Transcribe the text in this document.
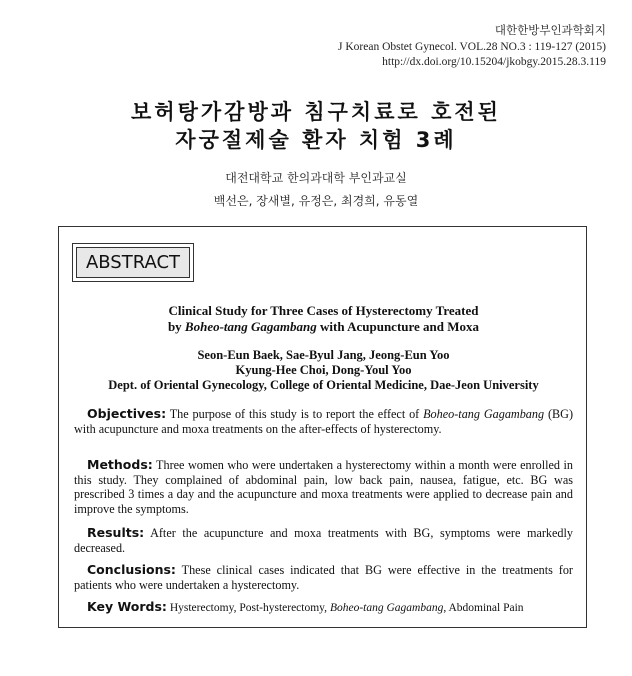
대한한방부인과학회지
J Korean Obstet Gynecol. VOL.28 NO.3 : 119-127 (2015)
http://dx.doi.org/10.15204/jkobgy.2015.28.3.119
보허탕가감방과 침구치료로 호전된
자궁절제술 환자 치험 3례
대전대학교 한의과대학 부인과교실
백선은, 장새별, 유정은, 최경희, 유동열
ABSTRACT
Clinical Study for Three Cases of Hysterectomy Treated
by Boheo-tang Gagambang with Acupuncture and Moxa
Seon-Eun Baek, Sae-Byul Jang, Jeong-Eun Yoo
Kyung-Hee Choi, Dong-Youl Yoo
Dept. of Oriental Gynecology, College of Oriental Medicine, Dae-Jeon University
Objectives: The purpose of this study is to report the effect of Boheo-tang Gagambang (BG) with acupuncture and moxa treatments on the after-effects of hysterectomy.
Methods: Three women who were undertaken a hysterectomy within a month were enrolled in this study. They complained of abdominal pain, low back pain, nausea, fatigue, etc. BG was prescribed 3 times a day and the acupuncture and moxa treatments were applied to decrease pain and improve the symptoms.
Results: After the acupuncture and moxa treatments with BG, symptoms were markedly decreased.
Conclusions: These clinical cases indicated that BG were effective in the treatments for patients who were undertaken a hysterectomy.
Key Words: Hysterectomy, Post-hysterectomy, Boheo-tang Gagambang, Abdominal Pain
